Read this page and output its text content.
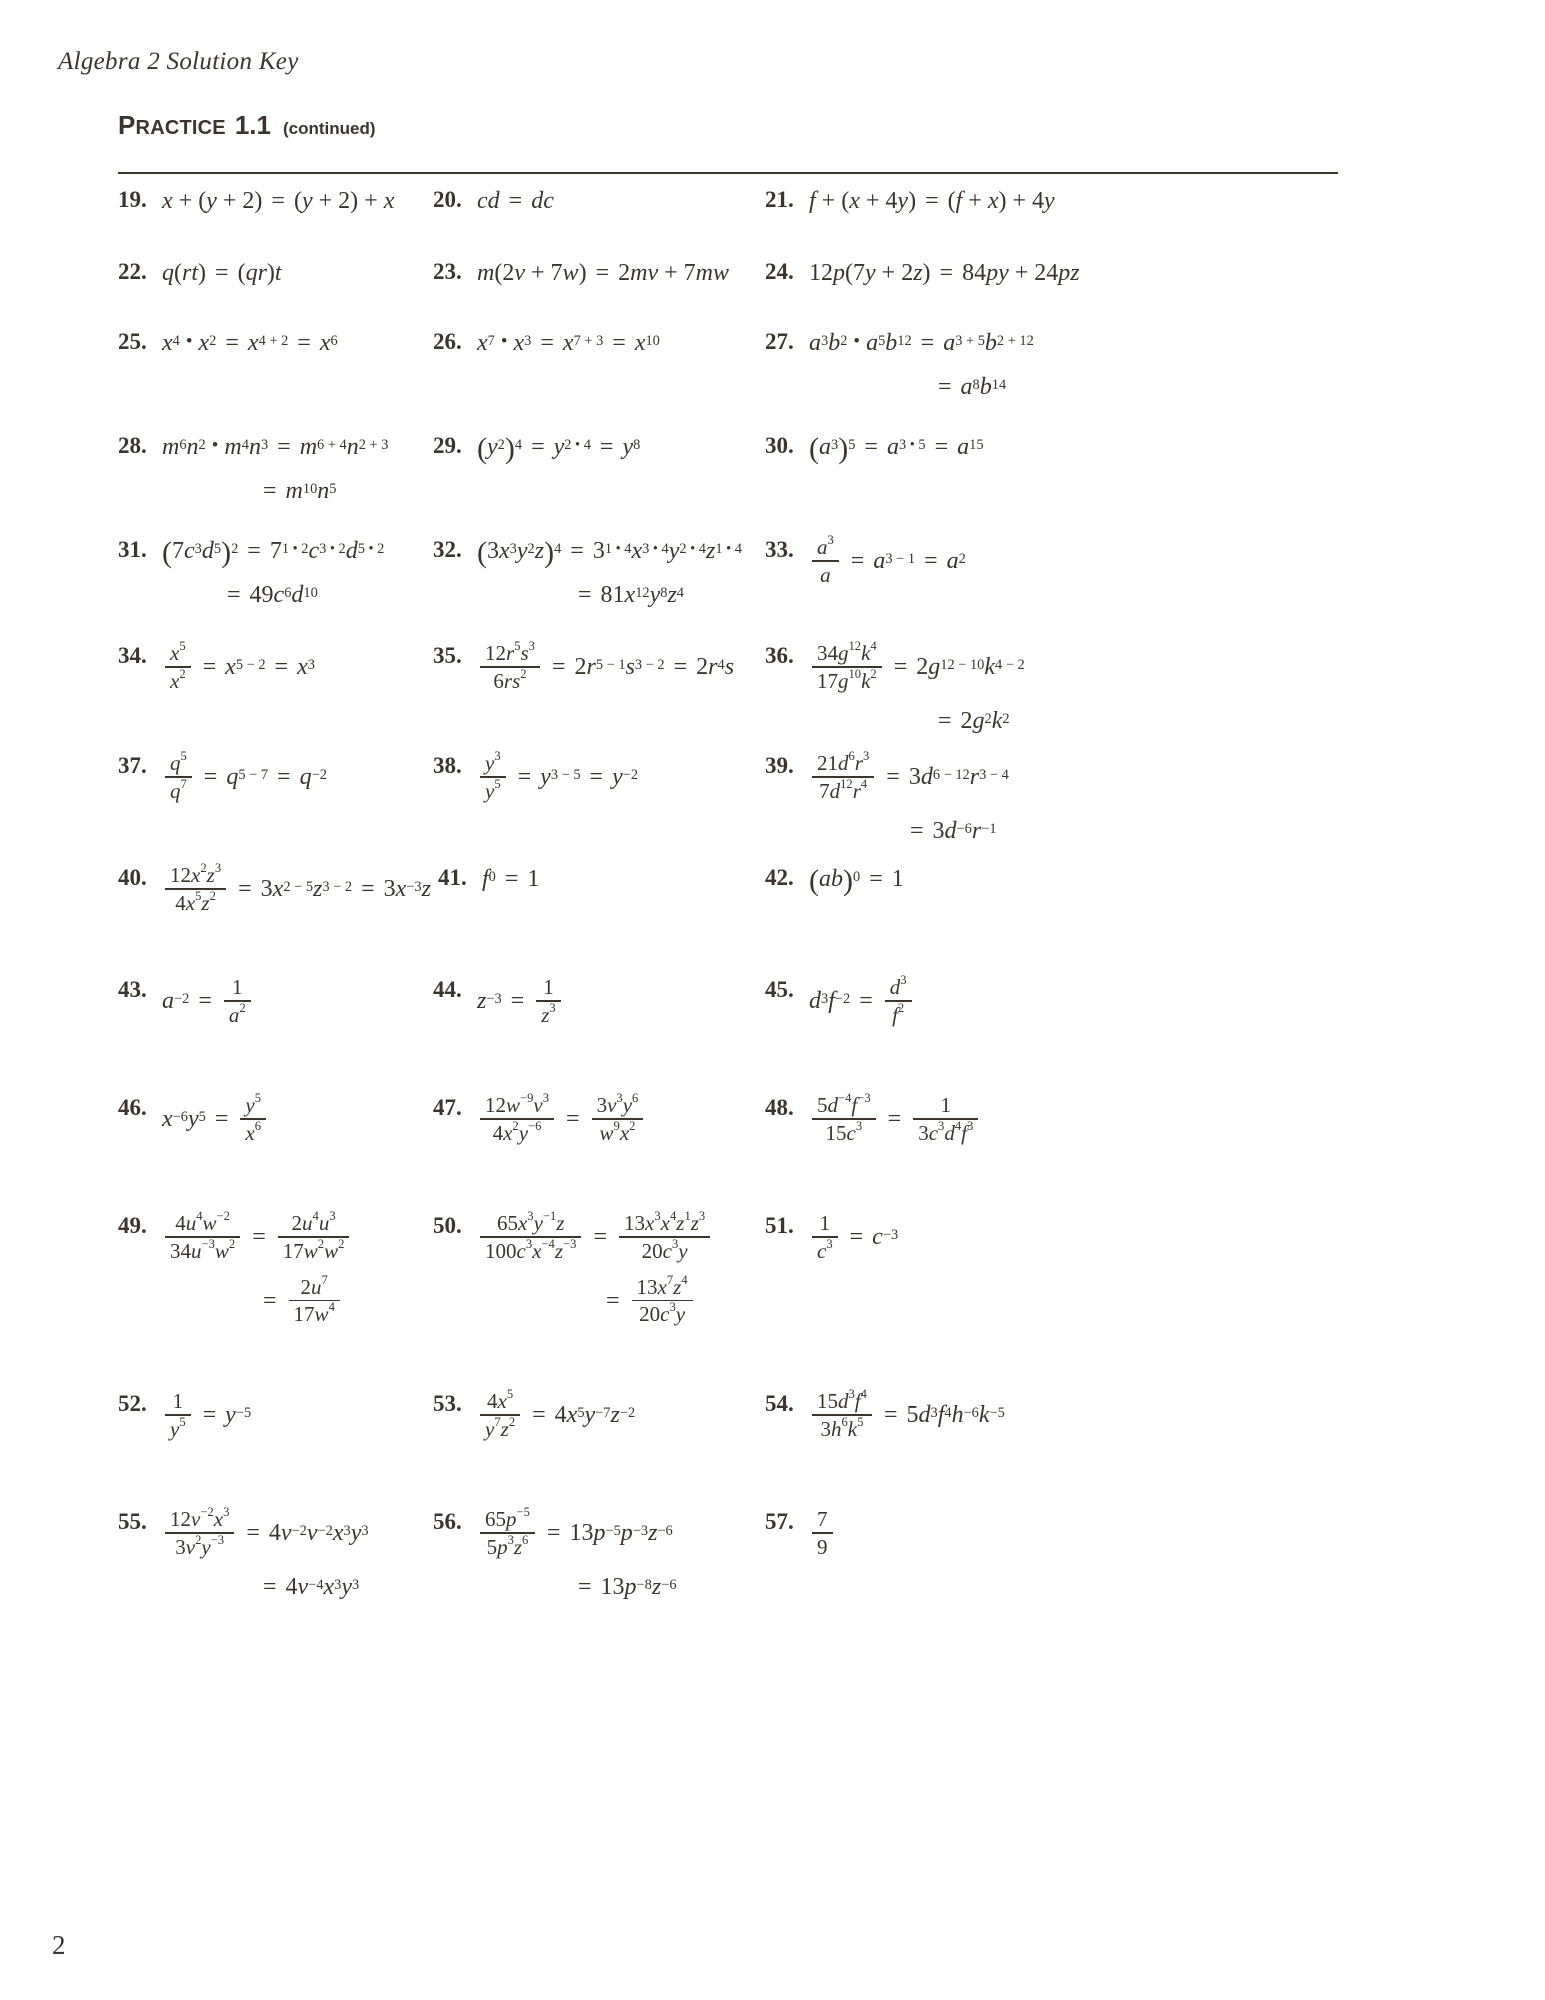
Algebra 2 Solution Key
PRACTICE 1.1 (continued)
19. x + ( y + 2 ) = ( y + 2 ) + x 20. cd = dc	21. f + ( x + 4 y ) = ( f + x ) + 4 y
22. q ( rt ) = ( qr ) t	23. m ( 2 v + 7 w ) = 2 mv + 7 mw 24. 12 p ( 7 y + 2 z ) = 84 py + 24 pz
25. $x^4$ • $x^2 = x^{4 + 2} = x^6$	26. $x^7$ • $x^3 = x^{7 + 3} = x^{10}$	27. $a^3$ $b^2$ • $a^5$ $b^{12} = a^{3 + 5}$ $b^{2 + 12}$
= $a^8$ $b^{14}$
28. $m^6$ $n^2$ • $m^4$ $n^3 = m^{6 + 4}$ $n^{2 + 3}$
= $m^{10}$ $n^5$
29. ( $y^2$ )$^4 = y^{2 • 4} = y^8$	30. ( $a^3$ )$^5 = a^{3 • 5} = a^{15}$
31. ( 7 $c^3$ $d^5$ )$^2 = 7^{1 • 2}$ $c^{3 • 2}$ $d^{5 • 2}$
= 49 $c^6$ $d^{10}$
32. ( 3 $x^3$ $y^2$ z )$^4 = 3^{1 • 4}$ $x^{3 • 4}$ $y^{2 • 4}$ $z^{1 • 4}$
= 81 $x^{12}$ $y^8$ $z^4$
33. $\frac{a^3}{a} = a^{3 - 1} = a^2$
34. $\frac{x^5}{x^2} = x^{5 - 2} = x^3$	35. $\frac{12r^5s^3}{6rs^2} = 2$ $r^{5 - 1}$ $s^{3 - 2} = 2$ $r^4$ s 36. $\frac{34g^{12}k^4}{17g^{10}k^2} = 2$ $g^{12 - 10}$ $k^{4 - 2}$
= 2 $g^2$ $k^2$
37. $\frac{q^5}{q^7} = q^{5 - 7} = q^{-2}$	38. $\frac{y^3}{y^5} = y^{3 - 5} = y^{-2}$	39. $\frac{21d^6r^3}{7d^{12}r^4} = 3$ $d^{6 - 12}$ $r^{3 - 4}$
= 3 $d^{-6}$ $r^{-1}$
40. $\frac{12x^2z^3}{4x^5z^2} = 3$ $x^{2 - 5}$ $z^{3 - 2} = 3$ $x^{-3}$ z 41. $f^0 = 1$	42. ( ab )$^0$ = 1
43. $a^{-2} = \frac{1}{a^2}$	44. $z^{-3} = \frac{1}{z^3}$	45. $d^3$ $f^{-2} = \frac{d^3}{f^2}$
46. $x^{-6}$ $y^5 = \frac{y^5}{x^6}$	47. $\frac{12w^{-9}v^3}{4x^2y^{-6}} = \frac{3v^3y^6}{w^9x^2}$	48. $\frac{5d^{-4}f^{-3}}{15c^3} = \frac{1}{3c^3d^4f^3}$
49. $\frac{4u^4w^{-2}}{34u^{-3}w^2} = \frac{2u^4u^3}{17w^2w^2}$
= $\frac{2u^7}{17w^4}$
50. $\frac{65x^3y^{-1}z}{100c^3x^{-4}z^{-3}} = \frac{13x^3x^4z^1z^3}{20c^3y}$
= $\frac{13x^7z^4}{20c^3y}$
51. $\frac{1}{c^3} = c^{-3}$
52. $\frac{1}{y^5} = y^{-5}$	53. $\frac{4x^5}{y^7z^2} = 4$ $x^5$ $y^{-7}$ $z^{-2}$	54. $\frac{15d^3f^4}{3h^6k^5} = 5$ $d^3$ $f^4$ $h^{-6}$ $k^{-5}$
55. $\frac{12v^{-2}x^3}{3v^2y^{-3}} = 4$ $v^{-2}$ $v^{-2}$ $x^3$ $y^3$
= 4 $v^{-4}$ $x^3$ $y^3$
56. $\frac{65p^{-5}}{5p^3z^6} = 13$ $p^{-5}$ $p^{-3}$ $z^{-6}$
= 13 $p^{-8}$ $z^{-6}$
57. $\frac{7}{9}$
2
